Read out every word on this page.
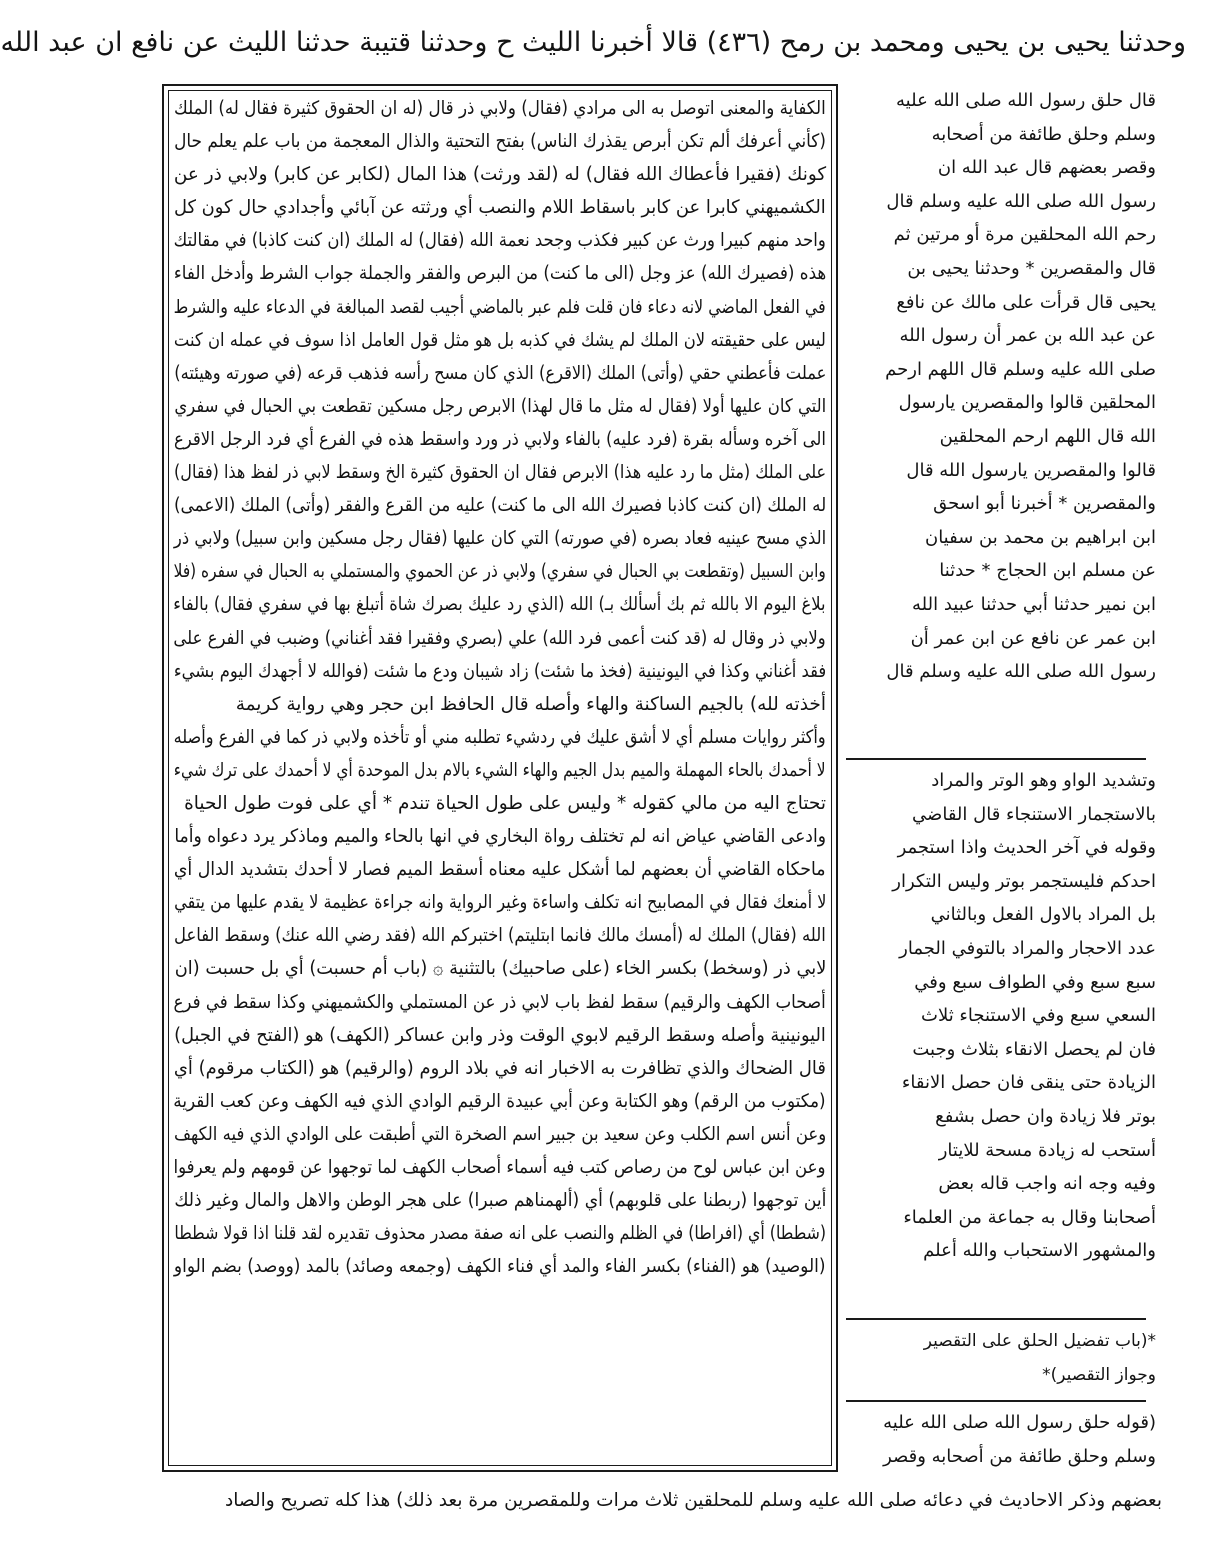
وحدثنا يحيى بن يحيى ومحمد بن رمح (٤٣٦) قالا أخبرنا الليث ح وحدثنا قتيبة حدثنا الليث عن نافع ان عبد الله
الكفاية والمعنى اتوصل به الى مرادي (فقال) ولابي ذر قال (له ان الحقوق كثيرة فقال له) الملك
(كأني أعرفك ألم تكن أبرص يقذرك الناس) بفتح التحتية والذال المعجمة من باب علم يعلم حال
كونك (فقيرا فأعطاك الله فقال) له (لقد ورثت) هذا المال (لكابر عن كابر) ولابي ذر عن
الكشميهني كابرا عن كابر باسقاط اللام والنصب أي ورثته عن آبائي وأجدادي حال كون كل
واحد منهم كبيرا ورث عن كبير فكذب وجحد نعمة الله (فقال) له الملك (ان كنت كاذبا) في مقالتك
هذه (فصيرك الله) عز وجل (الى ما كنت) من البرص والفقر والجملة جواب الشرط وأدخل الفاء
في الفعل الماضي لانه دعاء فان قلت فلم عبر بالماضي أجيب لقصد المبالغة في الدعاء عليه والشرط
ليس على حقيقته لان الملك لم يشك في كذبه بل هو مثل قول العامل اذا سوف في عمله ان كنت
عملت فأعطني حقي (وأتى) الملك (الاقرع) الذي كان مسح رأسه فذهب قرعه (في صورته وهيئته)
التي كان عليها أولا (فقال له مثل ما قال لهذا) الابرص رجل مسكين تقطعت بي الحبال في سفري
الى آخره وسأله بقرة (فرد عليه) بالفاء ولابي ذر ورد واسقط هذه في الفرع أي فرد الرجل الاقرع
على الملك (مثل ما رد عليه هذا) الابرص فقال ان الحقوق كثيرة الخ وسقط لابي ذر لفظ هذا (فقال)
له الملك (ان كنت كاذبا فصيرك الله الى ما كنت) عليه من القرع والفقر (وأتى) الملك (الاعمى)
الذي مسح عينيه فعاد بصره (في صورته) التي كان عليها (فقال رجل مسكين وابن سبيل) ولابي ذر
وابن السبيل (وتقطعت بي الحبال في سفري) ولابي ذر عن الحموي والمستملي به الحبال في سفره (فلا
بلاغ اليوم الا بالله ثم بك أسألك بـ) الله (الذي رد عليك بصرك شاة أتبلغ بها في سفري فقال) بالفاء
ولابي ذر وقال له (قد كنت أعمى فرد الله) علي (بصري وفقيرا فقد أغناني) وضبب في الفرع على
فقد أغناني وكذا في اليونينية (فخذ ما شئت) زاد شيبان ودع ما شئت (فوالله لا أجهدك اليوم بشيء
أخذته لله) بالجيم الساكنة والهاء وأصله قال الحافظ ابن حجر وهي رواية كريمة
وأكثر روايات مسلم أي لا أشق عليك في ردشيء تطلبه مني أو تأخذه ولابي ذر كما في الفرع وأصله
لا أحمدك بالحاء المهملة والميم بدل الجيم والهاء الشيء بالام بدل الموحدة أي لا أحمدك على ترك شيء
تحتاج اليه من مالي كقوله * وليس على طول الحياة تندم * أي على فوت طول الحياة
وادعى القاضي عياض انه لم تختلف رواة البخاري في انها بالحاء والميم وماذكر يرد دعواه وأما
ماحكاه القاضي أن بعضهم لما أشكل عليه معناه أسقط الميم فصار لا أحدك بتشديد الدال أي
لا أمنعك فقال في المصابيح انه تكلف واساءة وغير الرواية وانه جراءة عظيمة لا يقدم عليها من يتقي
الله (فقال) الملك له (أمسك مالك فانما ابتليتم) اختبركم الله (فقد رضي الله عنك) وسقط الفاعل
لابي ذر (وسخط) بكسر الخاء (على صاحبيك) بالتثنية ۞ (باب أم حسبت) أي بل حسبت (ان
أصحاب الكهف والرقيم) سقط لفظ باب لابي ذر عن المستملي والكشميهني وكذا سقط في فرع
اليونينية وأصله وسقط الرقيم لابوي الوقت وذر وابن عساكر (الكهف) هو (الفتح في الجبل)
قال الضحاك والذي تظافرت به الاخبار انه في بلاد الروم (والرقيم) هو (الكتاب مرقوم) أي
(مكتوب من الرقم) وهو الكتابة وعن أبي عبيدة الرقيم الوادي الذي فيه الكهف وعن كعب القرية
وعن أنس اسم الكلب وعن سعيد بن جبير اسم الصخرة التي أطبقت على الوادي الذي فيه الكهف
وعن ابن عباس لوح من رصاص كتب فيه أسماء أصحاب الكهف لما توجهوا عن قومهم ولم يعرفوا
أين توجهوا (ربطنا على قلوبهم) أي (ألهمناهم صبرا) على هجر الوطن والاهل والمال وغير ذلك
(شططا) أي (افراطا) في الظلم والنصب على انه صفة مصدر محذوف تقديره لقد قلنا اذا قولا شططا
(الوصيد) هو (الفناء) بكسر الفاء والمد أي فناء الكهف (وجمعه وصائد) بالمد (ووصد) بضم الواو
قال حلق رسول الله صلى الله عليه
وسلم وحلق طائفة من أصحابه
وقصر بعضهم قال عبد الله ان
رسول الله صلى الله عليه وسلم قال
رحم الله المحلقين مرة أو مرتين ثم
قال والمقصرين * وحدثنا يحيى بن
يحيى قال قرأت على مالك عن نافع
عن عبد الله بن عمر أن رسول الله
صلى الله عليه وسلم قال اللهم ارحم
المحلقين قالوا والمقصرين يارسول
الله قال اللهم ارحم المحلقين
قالوا والمقصرين يارسول الله قال
والمقصرين * أخبرنا أبو اسحق
ابن ابراهيم بن محمد بن سفيان
عن مسلم ابن الحجاج * حدثنا
ابن نمير حدثنا أبي حدثنا عبيد الله
ابن عمر عن نافع عن ابن عمر أن
رسول الله صلى الله عليه وسلم قال
وتشديد الواو وهو الوتر والمراد
بالاستجمار الاستنجاء قال القاضي
وقوله في آخر الحديث واذا استجمر
احدكم فليستجمر بوتر وليس التكرار
بل المراد بالاول الفعل وبالثاني
عدد الاحجار والمراد بالتوفي الجمار
سبع سبع وفي الطواف سبع وفي
السعي سبع وفي الاستنجاء ثلاث
فان لم يحصل الانقاء بثلاث وجبت
الزيادة حتى ينقى فان حصل الانقاء
بوتر فلا زيادة وان حصل بشفع
أستحب له زيادة مسحة للايتار
وفيه وجه انه واجب قاله بعض
أصحابنا وقال به جماعة من العلماء
والمشهور الاستحباب والله أعلم
*(باب تفضيل الحلق على التقصير
وجواز التقصير)*
(قوله حلق رسول الله صلى الله عليه
وسلم وحلق طائفة من أصحابه وقصر
بعضهم وذكر الاحاديث في دعائه صلى الله عليه وسلم للمحلقين ثلاث مرات وللمقصرين مرة بعد ذلك) هذا كله تصريح والصاد
